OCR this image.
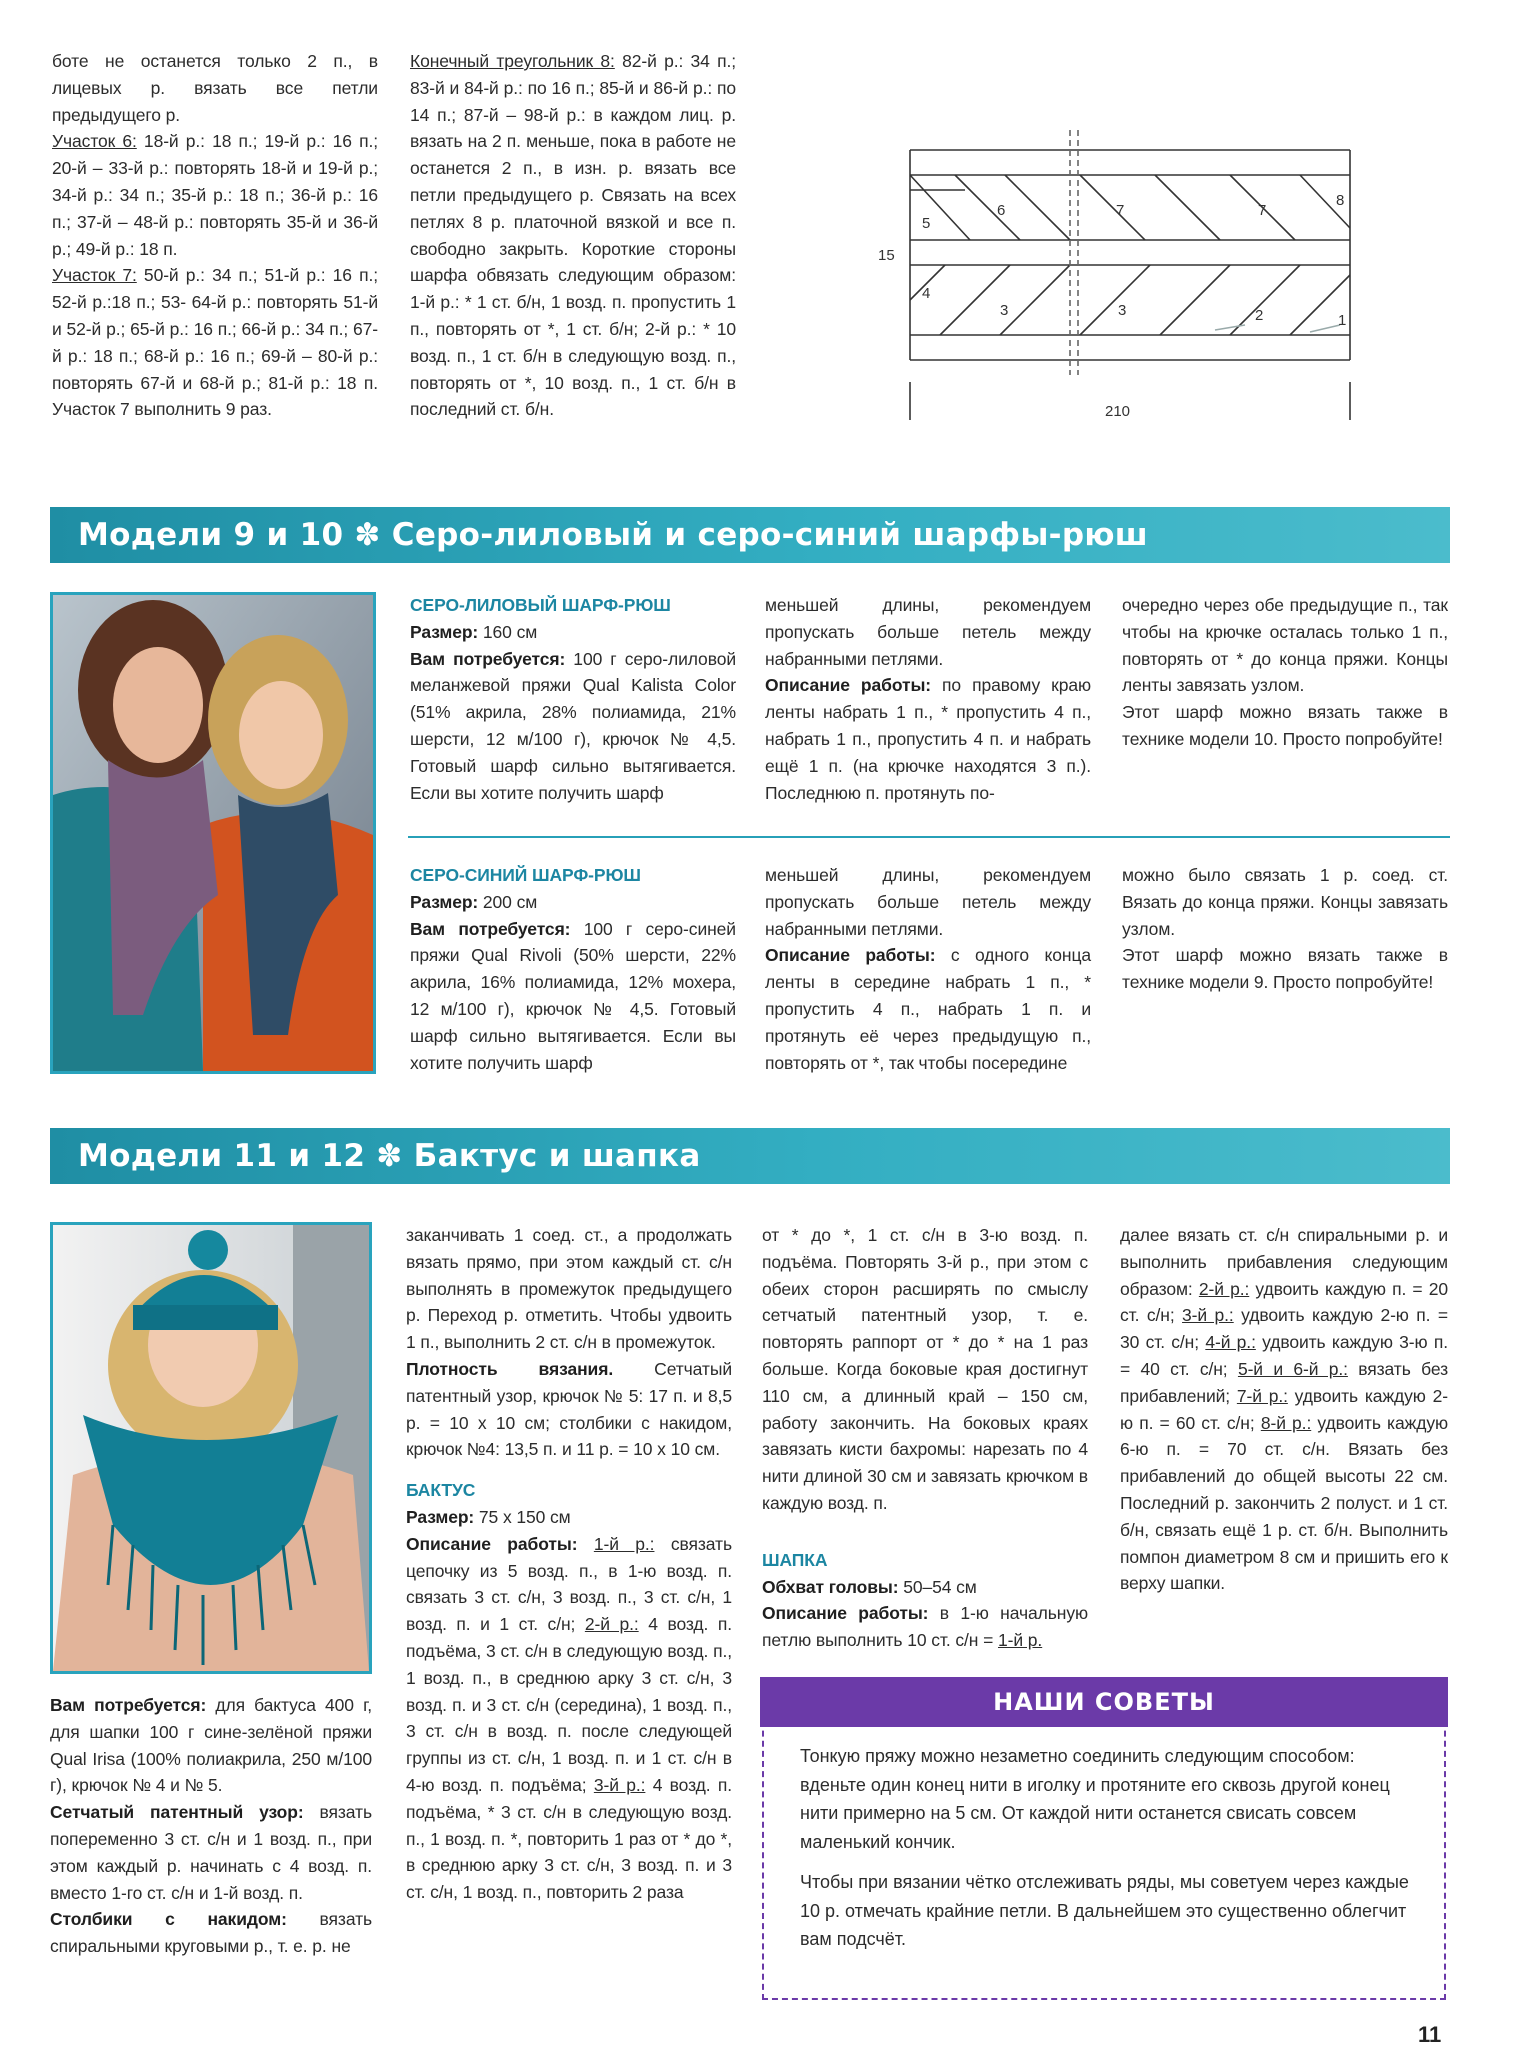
боте не останется только 2 п., в лицевых р. вязать все петли предыдущего р.

Участок 6: 18-й р.: 18 п.; 19-й р.: 16 п.; 20-й – 33-й р.: повторять 18-й и 19-й р.; 34-й р.: 34 п.; 35-й р.: 18 п.; 36-й р.: 16 п.; 37-й – 48-й р.: повторять 35-й и 36-й р.; 49-й р.: 18 п.

Участок 7: 50-й р.: 34 п.; 51-й р.: 16 п.; 52-й р.:18 п.; 53- 64-й р.: повторять 51-й и 52-й р.; 65-й р.: 16 п.; 66-й р.: 34 п.; 67-й р.: 18 п.; 68-й р.: 16 п.; 69-й – 80-й р.: повторять 67-й и 68-й р.; 81-й р.: 18 п. Участок 7 выполнить 9 раз.

Конечный треугольник 8: 82-й р.: 34 п.; 83-й и 84-й р.: по 16 п.; 85-й и 86-й р.: по 14 п.; 87-й – 98-й р.: в каждом лиц. р. вязать на 2 п. меньше, пока в работе не останется 2 п., в изн. р. вязать все петли предыдущего р. Связать на всех петлях 8 р. платочной вязкой и все п. свободно закрыть. Короткие стороны шарфа обвязать следующим образом: 1-й р.: * 1 ст. б/н, 1 возд. п. пропустить 1 п., повторять от *, 1 ст. б/н; 2-й р.: * 10 возд. п., 1 ст. б/н в следующую возд. п., повторять от *, 10 возд. п., 1 ст. б/н в последний ст. б/н.

15
210
1
2
3	3
4
5
6	7	7
8
Модели 9 и 10 ✽ Серо-лиловый и серо-синий шарфы-рюш

СЕРО-ЛИЛОВЫЙ ШАРФ-РЮШ

Размер: 160 см

Вам потребуется: 100 г серо-лиловой меланжевой пряжи Qual Kalista Color (51% акрила, 28% полиамида, 21% шерсти, 12 м/100 г), крючок № 4,5. Готовый шарф сильно вытягивается. Если вы хотите получить шарф

меньшей длины, рекомендуем пропускать больше петель между набранными петлями.

Описание работы: по правому краю ленты набрать 1 п., * пропустить 4 п., набрать 1 п., пропустить 4 п. и набрать ещё 1 п. (на крючке находятся 3 п.). Последнюю п. протянуть по-

очередно через обе предыдущие п., так чтобы на крючке осталась только 1 п., повторять от * до конца пряжи. Концы ленты завязать узлом.

Этот шарф можно вязать также в технике модели 10. Просто попробуйте!

СЕРО-СИНИЙ ШАРФ-РЮШ

Размер: 200 см

Вам потребуется: 100 г серо-синей пряжи Qual Rivoli (50% шерсти, 22% акрила, 16% полиамида, 12% мохера, 12 м/100 г), крючок № 4,5. Готовый шарф сильно вытягивается. Если вы хотите получить шарф

меньшей длины, рекомендуем пропускать больше петель между набранными петлями.

Описание работы: с одного конца ленты в середине набрать 1 п., * пропустить 4 п., набрать 1 п. и протянуть её через предыдущую п., повторять от *, так чтобы посередине

можно было связать 1 р. соед. ст. Вязать до конца пряжи. Концы завязать узлом.

Этот шарф можно вязать также в технике модели 9. Просто попробуйте!

Модели 11 и 12 ✽ Бактус и шапка

Вам потребуется: для бактуса 400 г, для шапки 100 г сине-зелёной пряжи Qual Irisa (100% полиакрила, 250 м/100 г), крючок № 4 и № 5.

Сетчатый патентный узор: вязать попеременно 3 ст. с/н и 1 возд. п., при этом каждый р. начинать с 4 возд. п. вместо 1-го ст. с/н и 1-й возд. п.

Столбики с накидом: вязать спиральными круговыми р., т. е. р. не

заканчивать 1 соед. ст., а продолжать вязать прямо, при этом каждый ст. с/н выполнять в промежуток предыдущего р. Переход р. отметить. Чтобы удвоить 1 п., выполнить 2 ст. с/н в промежуток.

Плотность вязания. Сетчатый патентный узор, крючок № 5: 17 п. и 8,5 р. = 10 x 10 см; столбики с накидом, крючок №4: 13,5 п. и 11 р. = 10 x 10 см.

БАКТУС

Размер: 75 x 150 см

Описание работы: 1-й р.: связать цепочку из 5 возд. п., в 1-ю возд. п. связать 3 ст. с/н, 3 возд. п., 3 ст. с/н, 1 возд. п. и 1 ст. с/н; 2-й р.: 4 возд. п. подъёма, 3 ст. с/н в следующую возд. п., 1 возд. п., в среднюю арку 3 ст. с/н, 3 возд. п. и 3 ст. с/н (середина), 1 возд. п., 3 ст. с/н в возд. п. после следующей группы из ст. с/н, 1 возд. п. и 1 ст. с/н в 4-ю возд. п. подъёма; 3-й р.: 4 возд. п. подъёма, * 3 ст. с/н в следующую возд. п., 1 возд. п. *, повторить 1 раз от * до *, в среднюю арку 3 ст. с/н, 3 возд. п. и 3 ст. с/н, 1 возд. п., повторить 2 раза

от * до *, 1 ст. с/н в 3-ю возд. п. подъёма. Повторять 3-й р., при этом с обеих сторон расширять по смыслу сетчатый патентный узор, т. е. повторять раппорт от * до * на 1 раз больше. Когда боковые края достигнут 110 см, а длинный край – 150 см, работу закончить. На боковых краях завязать кисти бахромы: нарезать по 4 нити длиной 30 см и завязать крючком в каждую возд. п.

ШАПКА

Обхват головы: 50–54 см

Описание работы: в 1-ю начальную петлю выполнить 10 ст. с/н = 1-й р.

далее вязать ст. с/н спиральными р. и выполнить прибавления следующим образом: 2-й р.: удвоить каждую п. = 20 ст. с/н; 3-й р.: удвоить каждую 2-ю п. = 30 ст. с/н; 4-й р.: удвоить каждую 3-ю п. = 40 ст. с/н; 5-й и 6-й р.: вязать без прибавлений; 7-й р.: удвоить каждую 2-ю п. = 60 ст. с/н; 8-й р.: удвоить каждую 6-ю п. = 70 ст. с/н. Вязать без прибавлений до общей высоты 22 см. Последний р. закончить 2 полуст. и 1 ст. б/н, связать ещё 1 р. ст. б/н. Выполнить помпон диаметром 8 см и пришить его к верху шапки.

НАШИ СОВЕТЫ

Тонкую пряжу можно незаметно соединить следующим способом: вденьте один конец нити в иголку и протяните его сквозь другой конец нити примерно на 5 см. От каждой нити останется свисать совсем маленький кончик.

Чтобы при вязании чётко отслеживать ряды, мы советуем через каждые 10 р. отмечать крайние петли. В дальнейшем это существенно облегчит вам подсчёт.

11
